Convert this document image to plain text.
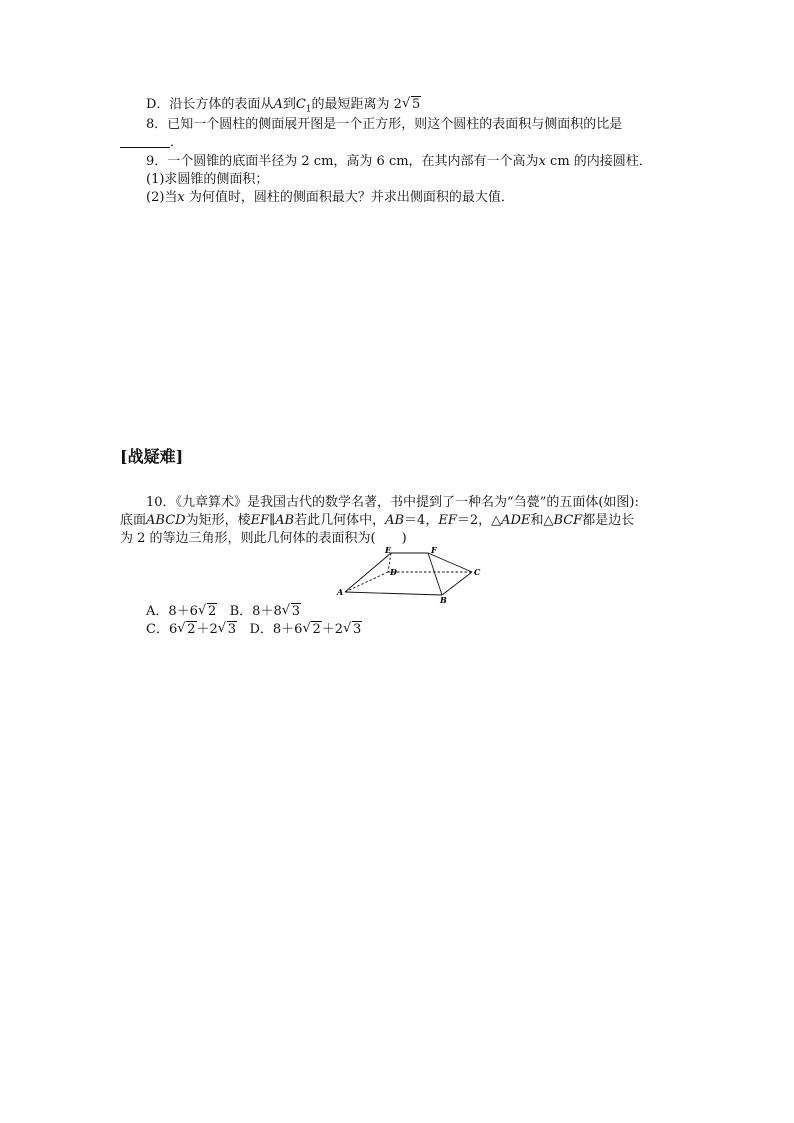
D．沿长方体的表面从A到$C_1$的最短距离为 2 √ 5
8．已知一个圆柱的侧面展开图是一个正方形，则这个圆柱的表面积与侧面积的比是
．
9．一个圆锥的底面半径为 2 cm，高为 6 cm，在其内部有一个高为x cm 的内接圆柱．
(1)求圆锥的侧面积；
(2)当x 为何值时，圆柱的侧面积最大？并求出侧面积的最大值．
[战疑难]
10．《九章算术》是我国古代的数学名著，书中提到了一种名为“刍甍”的五面体(如图):
底面ABCD为矩形，棱EF∥AB若此几何体中，AB＝4，EF＝2，△ADE和△BCF都是边长
为 2 的等边三角形，则此几何体的表面积为(　　)
A
B
C
D
E	F
A．8＋6 √ 2 B．8＋8 √ 3
C．6 √ 2＋2 √ 3 D．8＋6 √ 2＋2 √ 3
